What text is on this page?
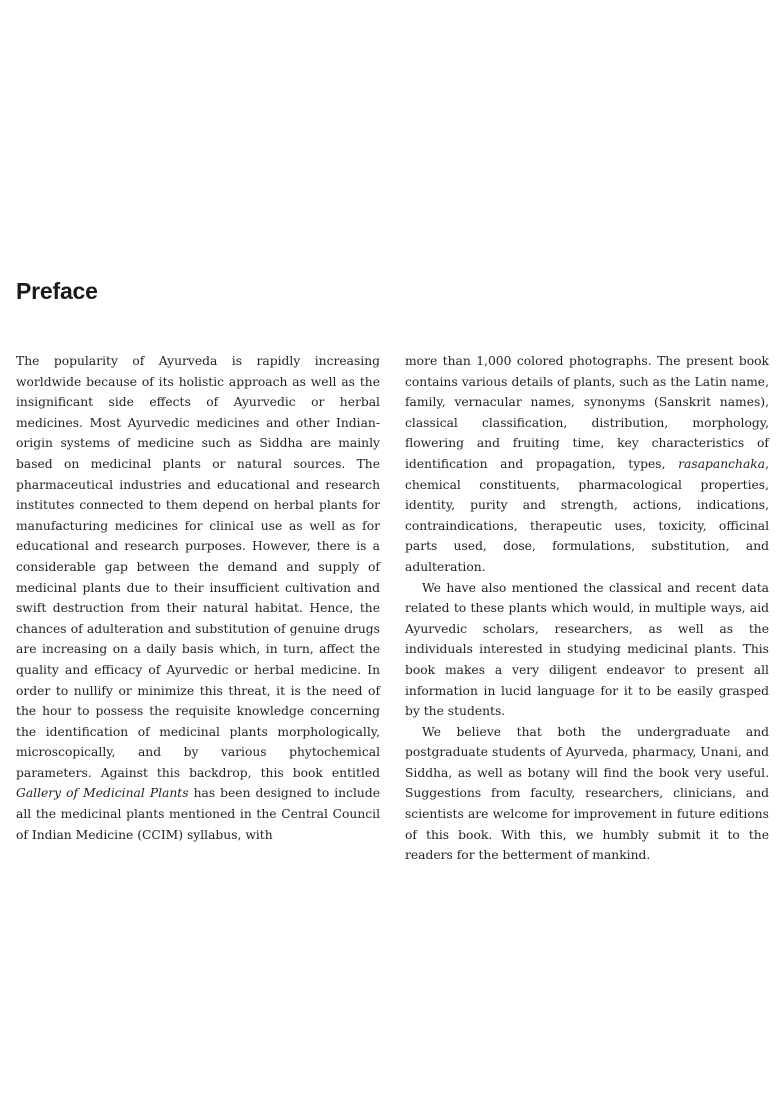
Preface

The popularity of Ayurveda is rapidly increasing worldwide because of its holistic approach as well as the insignificant side effects of Ayurvedic or herbal medicines. Most Ayurvedic medicines and other Indian-origin systems of medicine such as Siddha are mainly based on medicinal plants or natural sources. The pharmaceutical industries and educational and research institutes connected to them depend on herbal plants for manufacturing medicines for clinical use as well as for educational and research purposes. However, there is a considerable gap between the demand and supply of medicinal plants due to their insufficient cultivation and swift destruction from their natural habitat. Hence, the chances of adulteration and substitution of genuine drugs are increasing on a daily basis which, in turn, affect the quality and efficacy of Ayurvedic or herbal medicine. In order to nullify or minimize this threat, it is the need of the hour to possess the requisite knowledge concerning the identification of medicinal plants morphologically, microscopically, and by various phytochemical parameters. Against this backdrop, this book entitled Gallery of Medicinal Plants has been designed to include all the medicinal plants mentioned in the Central Council of Indian Medicine (CCIM) syllabus, with

more than 1,000 colored photographs. The present book contains various details of plants, such as the Latin name, family, vernacular names, synonyms (Sanskrit names), classical classification, distribution, morphology, flowering and fruiting time, key characteristics of identification and propagation, types, rasapanchaka, chemical constituents, pharmacological properties, identity, purity and strength, actions, indications, contraindications, therapeutic uses, toxicity, officinal parts used, dose, formulations, substitution, and adulteration.

We have also mentioned the classical and recent data related to these plants which would, in multiple ways, aid Ayurvedic scholars, researchers, as well as the individuals interested in studying medicinal plants. This book makes a very diligent endeavor to present all information in lucid language for it to be easily grasped by the students.

We believe that both the undergraduate and postgraduate students of Ayurveda, pharmacy, Unani, and Siddha, as well as botany will find the book very useful. Suggestions from faculty, researchers, clinicians, and scientists are welcome for improvement in future editions of this book. With this, we humbly submit it to the readers for the betterment of mankind.
